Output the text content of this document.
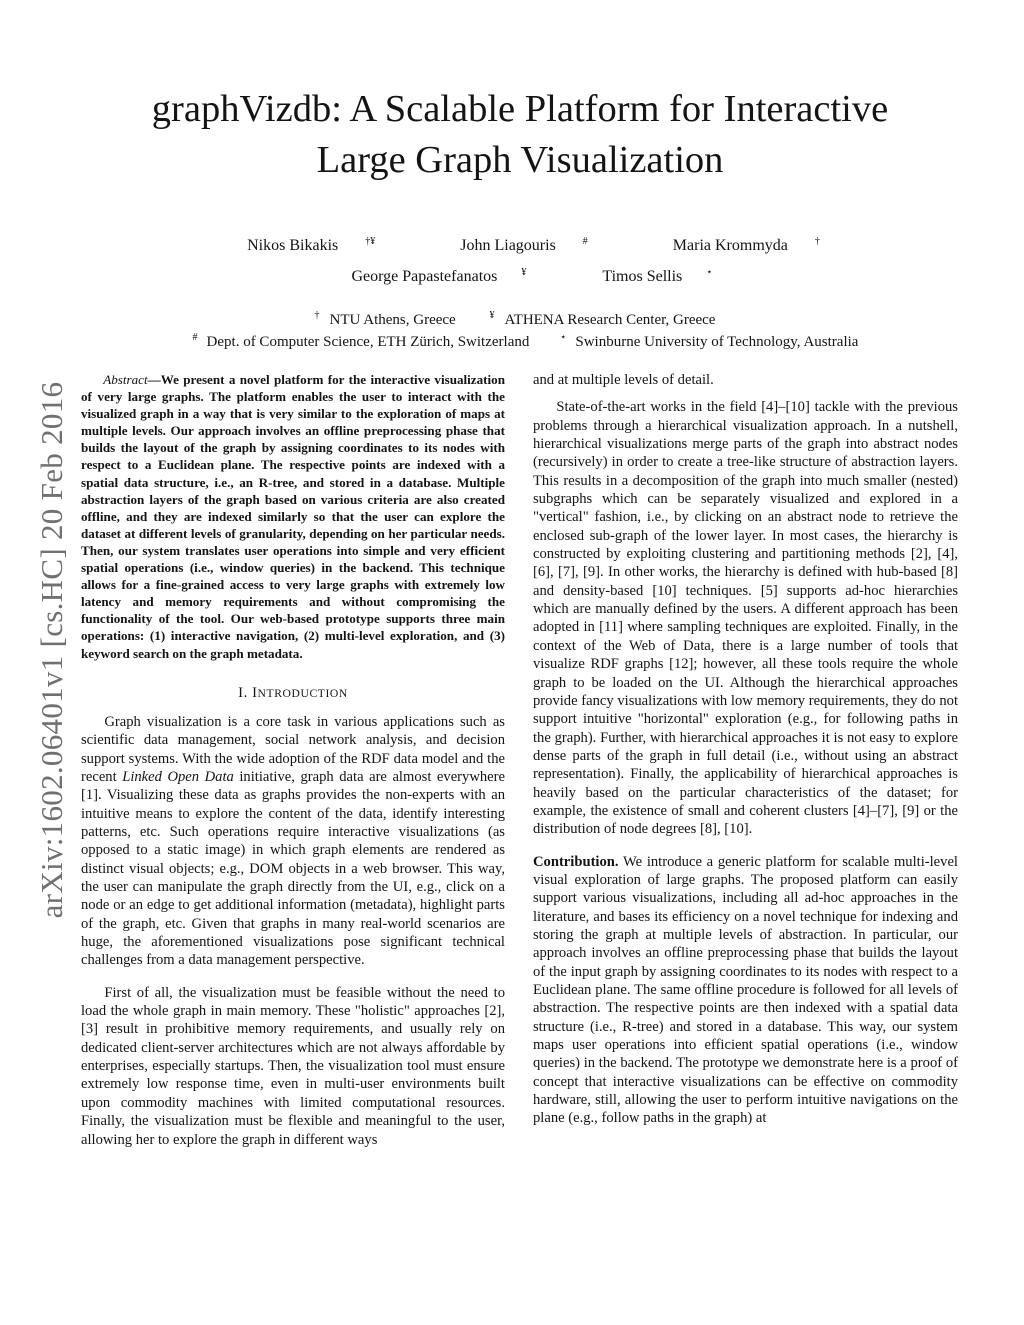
arXiv:1602.06401v1 [cs.HC] 20 Feb 2016
graphVizdb: A Scalable Platform for Interactive
Large Graph Visualization
Nikos Bikakis	†¥	John Liagouris	#	Maria Krommyda	†
George Papastefanatos ¥	Timos Sellis ⋆
† NTU Athens, Greece	¥ ATHENA Research Center, Greece
# Dept. of Computer Science, ETH Zürich, Switzerland	⋆ Swinburne University of Technology, Australia

Abstract—We present a novel platform for the interactive visualization of very large graphs. The platform enables the user to interact with the visualized graph in a way that is very similar to the exploration of maps at multiple levels. Our approach involves an offline preprocessing phase that builds the layout of the graph by assigning coordinates to its nodes with respect to a Euclidean plane. The respective points are indexed with a spatial data structure, i.e., an R-tree, and stored in a database. Multiple abstraction layers of the graph based on various criteria are also created offline, and they are indexed similarly so that the user can explore the dataset at different levels of granularity, depending on her particular needs. Then, our system translates user operations into simple and very efficient spatial operations (i.e., window queries) in the backend. This technique allows for a fine-grained access to very large graphs with extremely low latency and memory requirements and without compromising the functionality of the tool. Our web-based prototype supports three main operations: (1) interactive navigation, (2) multi-level exploration, and (3) keyword search on the graph metadata.

I. INTRODUCTION

Graph visualization is a core task in various applications such as scientific data management, social network analysis, and decision support systems. With the wide adoption of the RDF data model and the recent Linked Open Data initiative, graph data are almost everywhere [1]. Visualizing these data as graphs provides the non-experts with an intuitive means to explore the content of the data, identify interesting patterns, etc. Such operations require interactive visualizations (as opposed to a static image) in which graph elements are rendered as distinct visual objects; e.g., DOM objects in a web browser. This way, the user can manipulate the graph directly from the UI, e.g., click on a node or an edge to get additional information (metadata), highlight parts of the graph, etc. Given that graphs in many real-world scenarios are huge, the aforementioned visualizations pose significant technical challenges from a data management perspective.

First of all, the visualization must be feasible without the need to load the whole graph in main memory. These "holistic" approaches [2], [3] result in prohibitive memory requirements, and usually rely on dedicated client-server architectures which are not always affordable by enterprises, especially startups. Then, the visualization tool must ensure extremely low response time, even in multi-user environments built upon commodity machines with limited computational resources. Finally, the visualization must be flexible and meaningful to the user, allowing her to explore the graph in different ways

and at multiple levels of detail.

State-of-the-art works in the field [4]–[10] tackle with the previous problems through a hierarchical visualization approach. In a nutshell, hierarchical visualizations merge parts of the graph into abstract nodes (recursively) in order to create a tree-like structure of abstraction layers. This results in a decomposition of the graph into much smaller (nested) subgraphs which can be separately visualized and explored in a "vertical" fashion, i.e., by clicking on an abstract node to retrieve the enclosed sub-graph of the lower layer. In most cases, the hierarchy is constructed by exploiting clustering and partitioning methods [2], [4], [6], [7], [9]. In other works, the hierarchy is defined with hub-based [8] and density-based [10] techniques. [5] supports ad-hoc hierarchies which are manually defined by the users. A different approach has been adopted in [11] where sampling techniques are exploited. Finally, in the context of the Web of Data, there is a large number of tools that visualize RDF graphs [12]; however, all these tools require the whole graph to be loaded on the UI. Although the hierarchical approaches provide fancy visualizations with low memory requirements, they do not support intuitive "horizontal" exploration (e.g., for following paths in the graph). Further, with hierarchical approaches it is not easy to explore dense parts of the graph in full detail (i.e., without using an abstract representation). Finally, the applicability of hierarchical approaches is heavily based on the particular characteristics of the dataset; for example, the existence of small and coherent clusters [4]–[7], [9] or the distribution of node degrees [8], [10].

Contribution. We introduce a generic platform for scalable multi-level visual exploration of large graphs. The proposed platform can easily support various visualizations, including all ad-hoc approaches in the literature, and bases its efficiency on a novel technique for indexing and storing the graph at multiple levels of abstraction. In particular, our approach involves an offline preprocessing phase that builds the layout of the input graph by assigning coordinates to its nodes with respect to a Euclidean plane. The same offline procedure is followed for all levels of abstraction. The respective points are then indexed with a spatial data structure (i.e., R-tree) and stored in a database. This way, our system maps user operations into efficient spatial operations (i.e., window queries) in the backend. The prototype we demonstrate here is a proof of concept that interactive visualizations can be effective on commodity hardware, still, allowing the user to perform intuitive navigations on the plane (e.g., follow paths in the graph) at
